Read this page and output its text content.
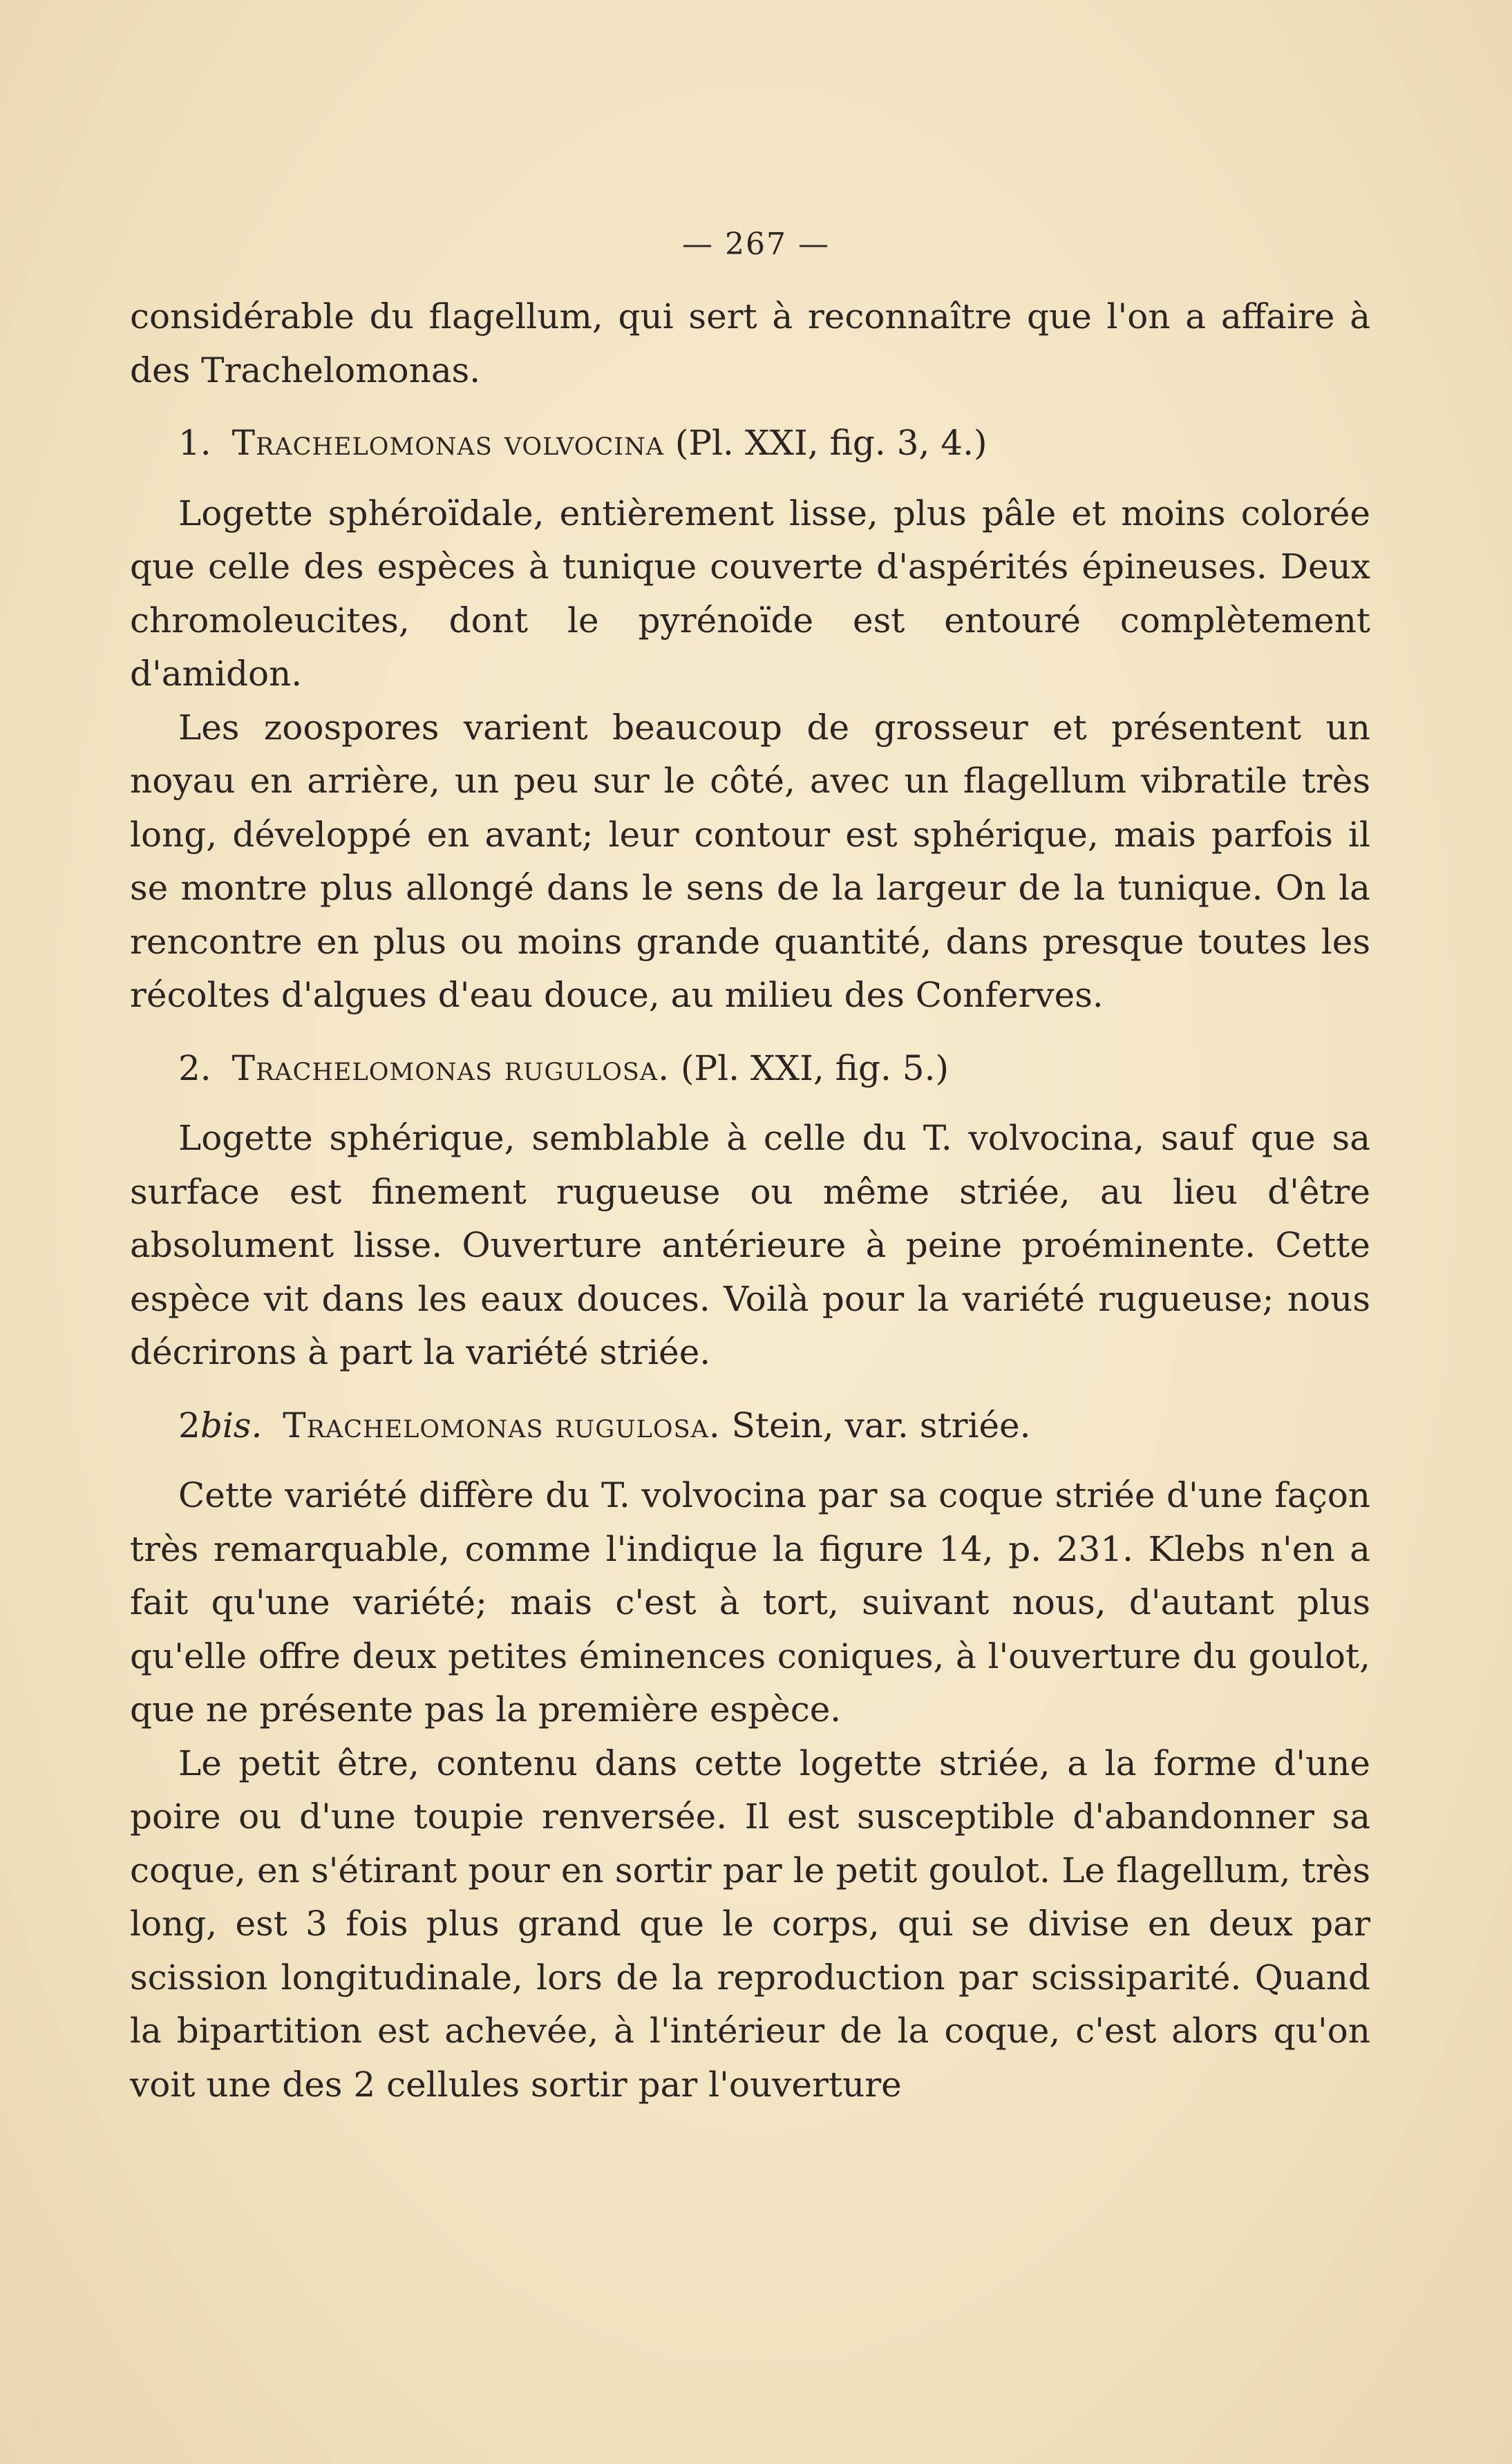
— 267 —

considérable du flagellum, qui sert à reconnaître que l'on a affaire à des Trachelomonas.

1. Trachelomonas volvocina (Pl. XXI, fig. 3, 4.)

Logette sphéroïdale, entièrement lisse, plus pâle et moins colorée que celle des espèces à tunique couverte d'aspérités épineuses. Deux chromoleucites, dont le pyrénoïde est entouré complètement d'amidon.

Les zoospores varient beaucoup de grosseur et présentent un noyau en arrière, un peu sur le côté, avec un flagellum vibratile très long, développé en avant; leur contour est sphérique, mais parfois il se montre plus allongé dans le sens de la largeur de la tunique. On la rencontre en plus ou moins grande quantité, dans presque toutes les récoltes d'algues d'eau douce, au milieu des Conferves.

2. Trachelomonas rugulosa. (Pl. XXI, fig. 5.)

Logette sphérique, semblable à celle du T. volvocina, sauf que sa surface est finement rugueuse ou même striée, au lieu d'être absolument lisse. Ouverture antérieure à peine proéminente. Cette espèce vit dans les eaux douces. Voilà pour la variété rugueuse; nous décrirons à part la variété striée.

2bis. Trachelomonas rugulosa. Stein, var. striée.

Cette variété diffère du T. volvocina par sa coque striée d'une façon très remarquable, comme l'indique la figure 14, p. 231. Klebs n'en a fait qu'une variété; mais c'est à tort, suivant nous, d'autant plus qu'elle offre deux petites éminences coniques, à l'ouverture du goulot, que ne présente pas la première espèce.

Le petit être, contenu dans cette logette striée, a la forme d'une poire ou d'une toupie renversée. Il est susceptible d'abandonner sa coque, en s'étirant pour en sortir par le petit goulot. Le flagellum, très long, est 3 fois plus grand que le corps, qui se divise en deux par scission longitudinale, lors de la reproduction par scissiparité. Quand la bipartition est achevée, à l'intérieur de la coque, c'est alors qu'on voit une des 2 cellules sortir par l'ouverture
